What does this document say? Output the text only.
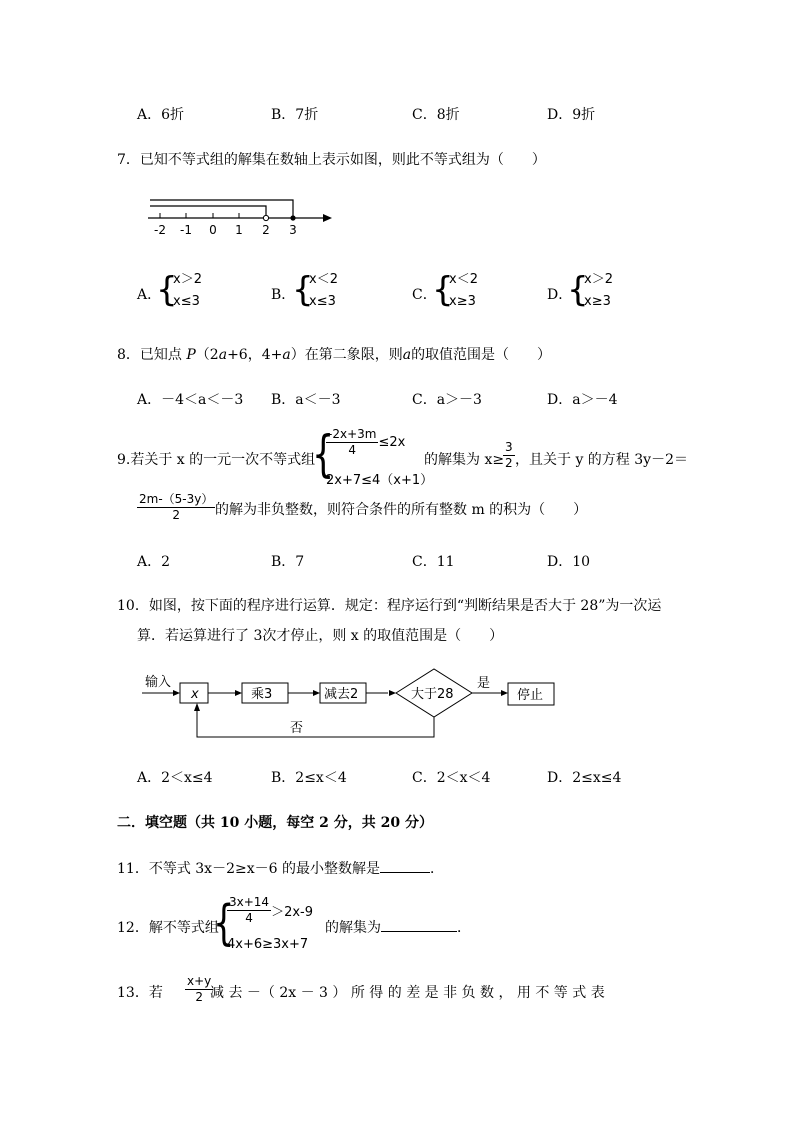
A．6折	B．7折	C．8折	D．9折
7．已知不等式组的解集在数轴上表示如图，则此不等式组为（　　）
-2 -1 0 1 2 3
A．
{
x＞2
x≤3	B．
{
x＜2
x≤3	C．
{
x＜2
x≥3	D．
{
x＞2
x≥3
8．已知点 P（2a+6，4+a）在第二象限，则a的取值范围是（　　）
A．－4＜a＜－3 B．a＜－3	C．a＞－3	D．a＞－4
9.若关于 x 的一元一次不等式组
{
$\frac{-2x+3m}{4} \le 2x$
2x+7≤4（x+1）
的解集为 x≥
$\frac{3}{2}$ ，且关于 y 的方程 3y－2＝
$\frac{2m-(5-3y)}{2}$ 的解为非负整数，则符合条件的所有整数 m 的积为（　　）
A．2	B．7	C．11	D．10
10．如图，按下面的程序进行运算．规定：程序运行到“判断结果是否大于 28”为一次运
算．若运算进行了 3次才停止，则 x 的取值范围是（　　）
输入
x	乘3	减去2	大于28
是
停止
否
A．2＜x≤4	B．2≤x＜4	C．2＜x＜4	D．2≤x≤4
二．填空题（共 10 小题，每空 2 分，共 20 分）
11．不等式 3x－2≥x－6 的最小整数解是	．
12．解不等式组
{
$\frac{3x+14}{4} >2x-9$
4x+6≥3x+7
的解集为	．
13．若 $\frac{x+y}{2}$
减 去 －（ 2x － 3 ） 所 得 的 差 是 非 负 数 ， 用 不 等 式 表
